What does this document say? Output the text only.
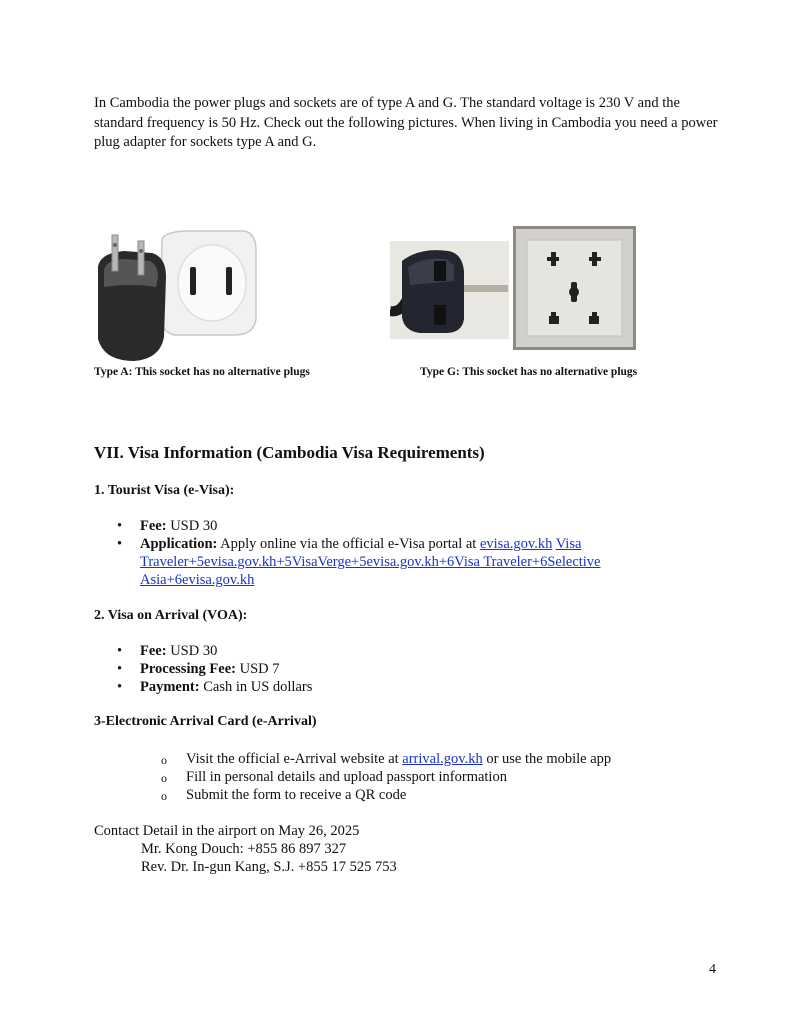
In Cambodia the power plugs and sockets are of type A and G. The standard voltage is 230 V and the standard frequency is 50 Hz. Check out the following pictures. When living in Cambodia you need a power plug adapter for sockets type A and G.
Type A: This socket has no alternative plugs	Type G: This socket has no alternative plugs
VII. Visa Information (Cambodia Visa Requirements)
1. Tourist Visa (e-Visa):
• Fee: USD 30
• Application: Apply online via the official e-Visa portal at evisa.gov.kh Visa Traveler+5evisa.gov.kh+5VisaVerge+5evisa.gov.kh+6Visa Traveler+6Selective Asia+6evisa.gov.kh
2. Visa on Arrival (VOA):
• Fee: USD 30
• Processing Fee: USD 7
• Payment: Cash in US dollars
3-Electronic Arrival Card (e-Arrival)
o Visit the official e-Arrival website at arrival.gov.kh or use the mobile app
o Fill in personal details and upload passport information
o Submit the form to receive a QR code
Contact Detail in the airport on May 26, 2025
Mr. Kong Douch: +855 86 897 327
Rev. Dr. In-gun Kang, S.J. +855 17 525 753
4
